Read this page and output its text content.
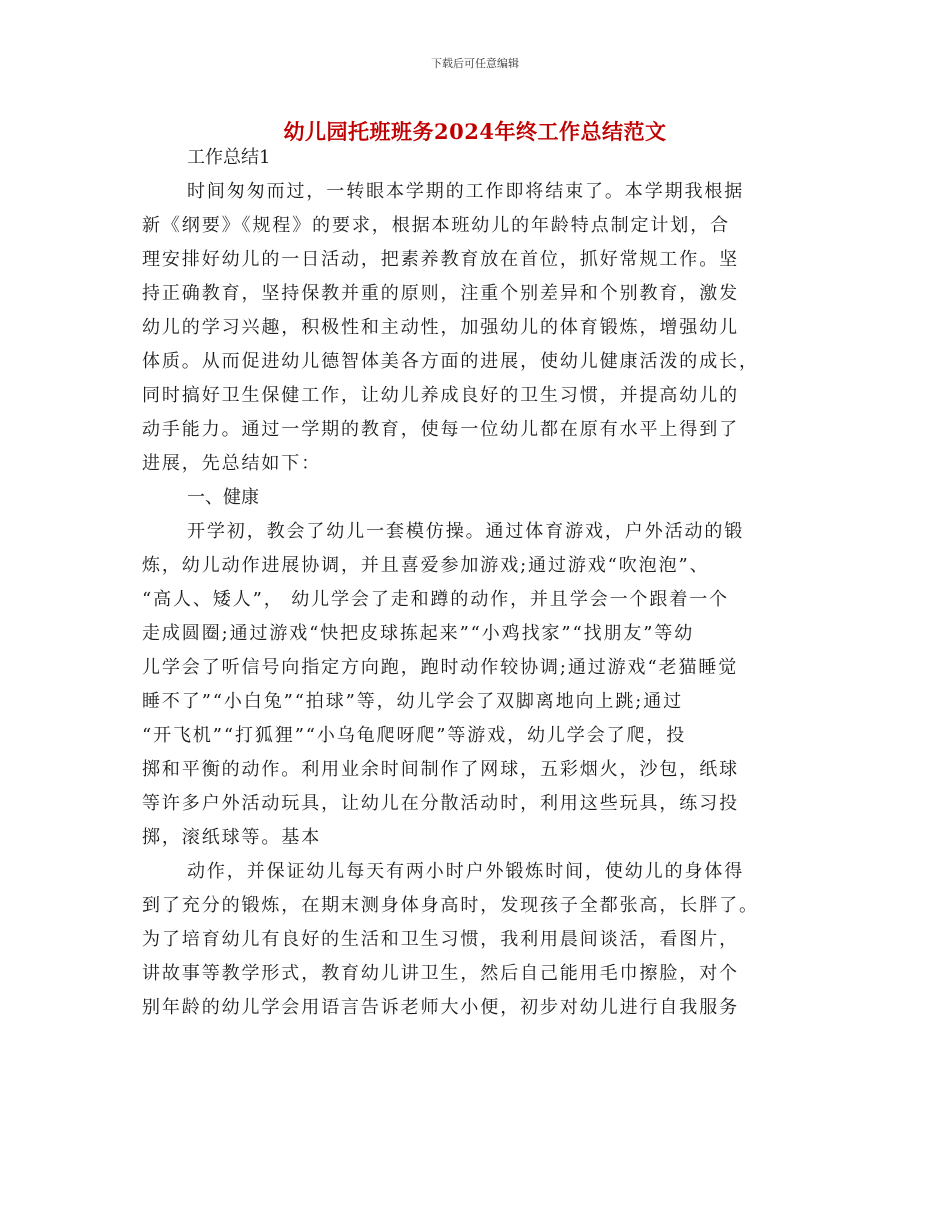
下载后可任意编辑
幼儿园托班班务2024年终工作总结范文
工作总结1

时间匆匆而过，一转眼本学期的工作即将结束了。本学期我根据
新《纲要》《规程》的要求，根据本班幼儿的年龄特点制定计划，合
理安排好幼儿的一日活动，把素养教育放在首位，抓好常规工作。坚
持正确教育，坚持保教并重的原则，注重个别差异和个别教育，激发
幼儿的学习兴趣，积极性和主动性，加强幼儿的体育锻炼，增强幼儿
体质。从而促进幼儿德智体美各方面的进展，使幼儿健康活泼的成长，
同时搞好卫生保健工作，让幼儿养成良好的卫生习惯，并提高幼儿的
动手能力。通过一学期的教育，使每一位幼儿都在原有水平上得到了
进展，先总结如下：

一、健康

开学初，教会了幼儿一套模仿操。通过体育游戏，户外活动的锻
炼，幼儿动作进展协调，并且喜爱参加游戏;通过游戏“吹泡泡”、
“高人、矮人”， 幼儿学会了走和蹲的动作，并且学会一个跟着一个
走成圆圈;通过游戏“快把皮球拣起来”“小鸡找家”“找朋友”等幼
儿学会了听信号向指定方向跑，跑时动作较协调;通过游戏“老猫睡觉
睡不了”“小白兔”“拍球”等，幼儿学会了双脚离地向上跳;通过
“开飞机”“打狐狸”“小乌龟爬呀爬”等游戏，幼儿学会了爬，投
掷和平衡的动作。利用业余时间制作了网球，五彩烟火，沙包，纸球
等许多户外活动玩具，让幼儿在分散活动时，利用这些玩具，练习投
掷，滚纸球等。基本

动作，并保证幼儿每天有两小时户外锻炼时间，使幼儿的身体得
到了充分的锻炼，在期末测身体身高时，发现孩子全都张高，长胖了。
为了培育幼儿有良好的生活和卫生习惯，我利用晨间谈活，看图片，
讲故事等教学形式，教育幼儿讲卫生，然后自己能用毛巾擦脸，对个
别年龄的幼儿学会用语言告诉老师大小便，初步对幼儿进行自我服务
